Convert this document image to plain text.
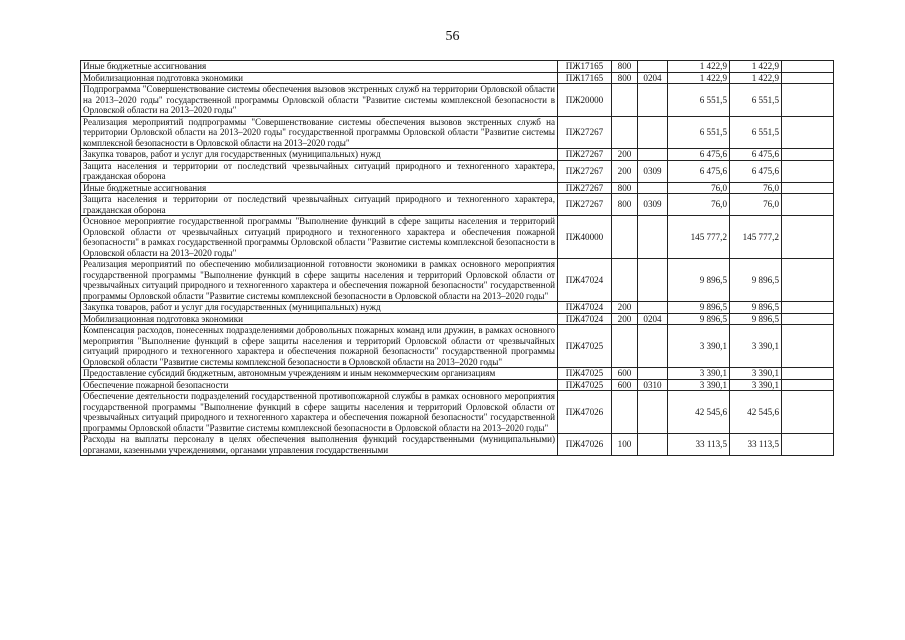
56
Иные бюджетные ассигнования	ПЖ17165	800		1 422,9	1 422,9	
Мобилизационная подготовка экономики	ПЖ17165	800	0204	1 422,9	1 422,9	
Подпрограмма "Совершенствование системы обеспечения вызовов экстренных служб на территории Орловской области на 2013–2020 годы" государственной программы Орловской области "Развитие системы комплексной безопасности в Орловской области на 2013–2020 годы"	ПЖ20000			6 551,5	6 551,5	
Реализация мероприятий подпрограммы "Совершенствование системы обеспечения вызовов экстренных служб на территории Орловской области на 2013–2020 годы" государственной программы Орловской области "Развитие системы комплексной безопасности в Орловской области на 2013–2020 годы"	ПЖ27267			6 551,5	6 551,5	
Закупка товаров, работ и услуг для государственных (муниципальных) нужд	ПЖ27267	200		6 475,6	6 475,6	
Защита населения и территории от последствий чрезвычайных ситуаций природного и техногенного характера, гражданская оборона	ПЖ27267	200	0309	6 475,6	6 475,6	
Иные бюджетные ассигнования	ПЖ27267	800		76,0	76,0	
Защита населения и территории от последствий чрезвычайных ситуаций природного и техногенного характера, гражданская оборона	ПЖ27267	800	0309	76,0	76,0	
Основное мероприятие государственной программы "Выполнение функций в сфере защиты населения и территорий Орловской области от чрезвычайных ситуаций природного и техногенного характера и обеспечения пожарной безопасности" в рамках государственной программы Орловской области "Развитие системы комплексной безопасности в Орловской области на 2013–2020 годы"	ПЖ40000			145 777,2	145 777,2	
Реализация мероприятий по обеспечению мобилизационной готовности экономики в рамках основного мероприятия государственной программы "Выполнение функций в сфере защиты населения и территорий Орловской области от чрезвычайных ситуаций природного и техногенного характера и обеспечения пожарной безопасности" государственной программы Орловской области "Развитие системы комплексной безопасности в Орловской области на 2013–2020 годы"	ПЖ47024			9 896,5	9 896,5	
Закупка товаров, работ и услуг для государственных (муниципальных) нужд	ПЖ47024	200		9 896,5	9 896,5	
Мобилизационная подготовка экономики	ПЖ47024	200	0204	9 896,5	9 896,5	
Компенсация расходов, понесенных подразделениями добровольных пожарных команд или дружин, в рамках основного мероприятия "Выполнение функций в сфере защиты населения и территорий Орловской области от чрезвычайных ситуаций природного и техногенного характера и обеспечения пожарной безопасности" государственной программы Орловской области "Развитие системы комплексной безопасности в Орловской области на 2013–2020 годы"	ПЖ47025			3 390,1	3 390,1	
Предоставление субсидий бюджетным, автономным учреждениям и иным некоммерческим организациям	ПЖ47025	600		3 390,1	3 390,1	
Обеспечение пожарной безопасности	ПЖ47025	600	0310	3 390,1	3 390,1	
Обеспечение деятельности подразделений государственной противопожарной службы в рамках основного мероприятия государственной программы "Выполнение функций в сфере защиты населения и территорий Орловской области от чрезвычайных ситуаций природного и техногенного характера и обеспечения пожарной безопасности" государственной программы Орловской области "Развитие системы комплексной безопасности в Орловской области на 2013–2020 годы"	ПЖ47026			42 545,6	42 545,6	
Расходы на выплаты персоналу в целях обеспечения выполнения функций государственными (муниципальными) органами, казенными учреждениями, органами управления государственными	ПЖ47026	100		33 113,5	33 113,5	
